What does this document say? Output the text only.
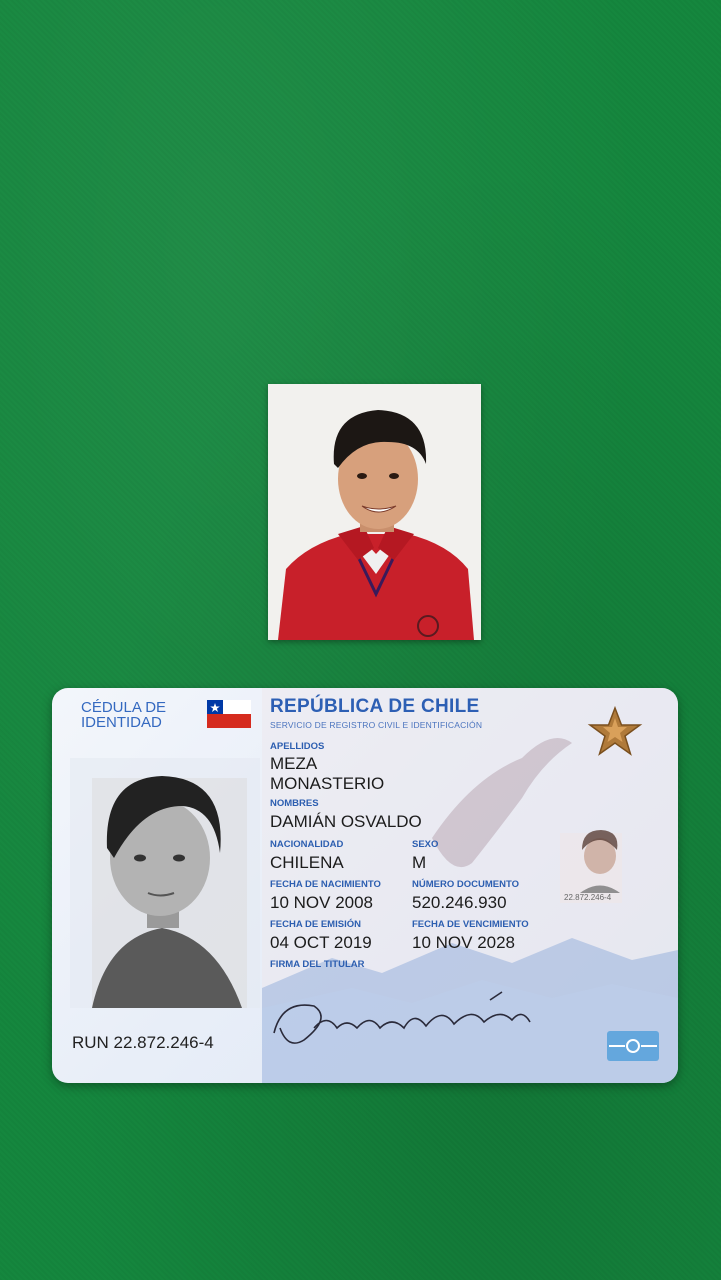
CÉDULA DE
IDENTIDAD
REPÚBLICA DE CHILE
SERVICIO DE REGISTRO CIVIL E IDENTIFICACIÓN
APELLIDOS
MEZA
MONASTERIO
NOMBRES
DAMIÁN OSVALDO
NACIONALIDAD
CHILENA
SEXO
M
FECHA DE NACIMIENTO
10 NOV 2008
NÚMERO DOCUMENTO
520.246.930
FECHA DE EMISIÓN
04 OCT 2019
FECHA DE VENCIMIENTO
10 NOV 2028
FIRMA DEL TITULAR
22.872.246-4
RUN 22.872.246-4
